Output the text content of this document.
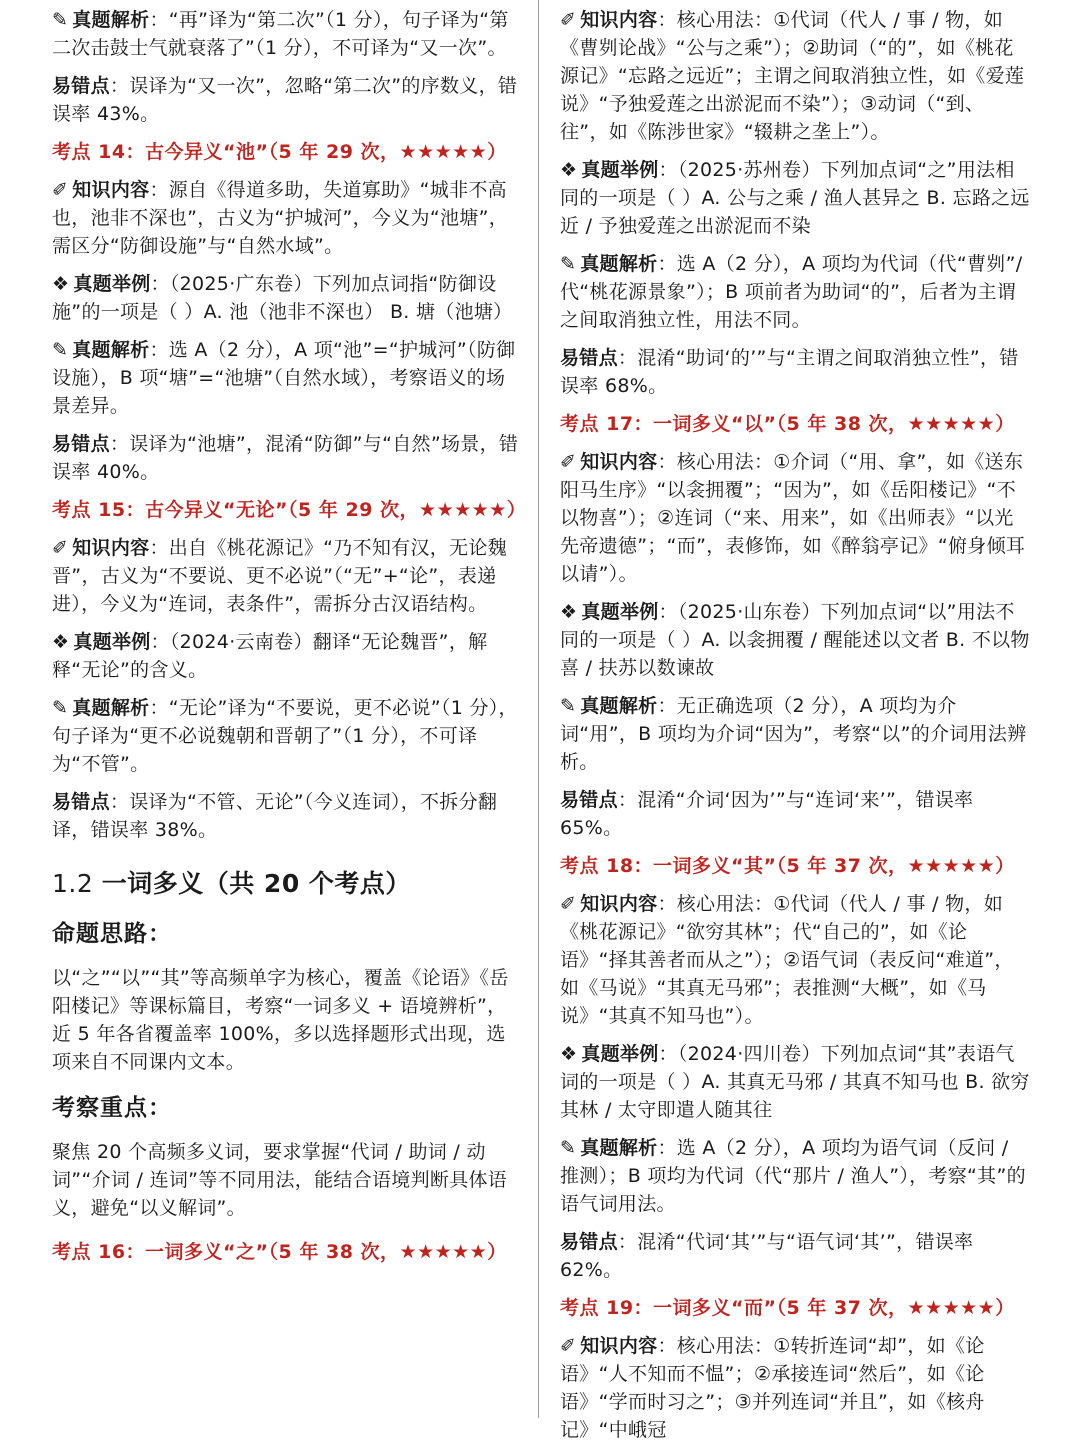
✎ 真题解析：“再”译为“第二次”（1 分），句子译为“第二次击鼓士气就衰落了”（1 分），不可译为“又一次”。

易错点：误译为“又一次”，忽略“第二次”的序数义，错误率 43%。

考点 14：古今异义“池”（5 年 29 次，★★★★★）

✐ 知识内容：源自《得道多助，失道寡助》“城非不高也，池非不深也”，古义为“护城河”，今义为“池塘”，需区分“防御设施”与“自然水域”。

❖ 真题举例：（2025·广东卷）下列加点词指“防御设施”的一项是（ ）A. 池（池非不深也） B. 塘（池塘）

✎ 真题解析：选 A（2 分），A 项“池”=“护城河”（防御设施），B 项“塘”=“池塘”（自然水域），考察语义的场景差异。

易错点：误译为“池塘”，混淆“防御”与“自然”场景，错误率 40%。

考点 15：古今异义“无论”（5 年 29 次，★★★★★）

✐ 知识内容：出自《桃花源记》“乃不知有汉，无论魏晋”，古义为“不要说、更不必说”（“无”+“论”，表递进），今义为“连词，表条件”，需拆分古汉语结构。

❖ 真题举例：（2024·云南卷）翻译“无论魏晋”，解释“无论”的含义。

✎ 真题解析：“无论”译为“不要说，更不必说”（1 分），句子译为“更不必说魏朝和晋朝了”（1 分），不可译为“不管”。

易错点：误译为“不管、无论”（今义连词），不拆分翻译，错误率 38%。

1.2 一词多义（共 20 个考点）

命题思路：

以“之”“以”“其”等高频单字为核心，覆盖《论语》《岳阳楼记》等课标篇目，考察“一词多义 + 语境辨析”，近 5 年各省覆盖率 100%，多以选择题形式出现，选项来自不同课内文本。

考察重点：

聚焦 20 个高频多义词，要求掌握“代词 / 助词 / 动词”“介词 / 连词”等不同用法，能结合语境判断具体语义，避免“以义解词”。

考点 16：一词多义“之”（5 年 38 次，★★★★★）

✐ 知识内容：核心用法：①代词（代人 / 事 / 物，如《曹刿论战》“公与之乘”）；②助词（“的”，如《桃花源记》“忘路之远近”；主谓之间取消独立性，如《爱莲说》“予独爱莲之出淤泥而不染”）；③动词（“到、往”，如《陈涉世家》“辍耕之垄上”）。

❖ 真题举例：（2025·苏州卷）下列加点词“之”用法相同的一项是（ ）A. 公与之乘 / 渔人甚异之 B. 忘路之远近 / 予独爱莲之出淤泥而不染

✎ 真题解析：选 A（2 分），A 项均为代词（代“曹刿”/ 代“桃花源景象”）；B 项前者为助词“的”，后者为主谓之间取消独立性，用法不同。

易错点：混淆“助词‘的’”与“主谓之间取消独立性”，错误率 68%。

考点 17：一词多义“以”（5 年 38 次，★★★★★）

✐ 知识内容：核心用法：①介词（“用、拿”，如《送东阳马生序》“以衾拥覆”；“因为”，如《岳阳楼记》“不以物喜”）；②连词（“来、用来”，如《出师表》“以光先帝遗德”；“而”，表修饰，如《醉翁亭记》“俯身倾耳以请”）。

❖ 真题举例：（2025·山东卷）下列加点词“以”用法不同的一项是（ ）A. 以衾拥覆 / 醒能述以文者 B. 不以物喜 / 扶苏以数谏故

✎ 真题解析：无正确选项（2 分），A 项均为介词“用”，B 项均为介词“因为”，考察“以”的介词用法辨析。

易错点：混淆“介词‘因为’”与“连词‘来’”，错误率 65%。

考点 18：一词多义“其”（5 年 37 次，★★★★★）

✐ 知识内容：核心用法：①代词（代人 / 事 / 物，如《桃花源记》“欲穷其林”；代“自己的”，如《论语》“择其善者而从之”）；②语气词（表反问“难道”，如《马说》“其真无马邪”；表推测“大概”，如《马说》“其真不知马也”）。

❖ 真题举例：（2024·四川卷）下列加点词“其”表语气词的一项是（ ）A. 其真无马邪 / 其真不知马也 B. 欲穷其林 / 太守即遣人随其往

✎ 真题解析：选 A（2 分），A 项均为语气词（反问 / 推测）；B 项均为代词（代“那片 / 渔人”），考察“其”的语气词用法。

易错点：混淆“代词‘其’”与“语气词‘其’”，错误率 62%。

考点 19：一词多义“而”（5 年 37 次，★★★★★）

✐ 知识内容：核心用法：①转折连词“却”，如《论语》“人不知而不愠”；②承接连词“然后”，如《论语》“学而时习之”；③并列连词“并且”，如《核舟记》“中峨冠
